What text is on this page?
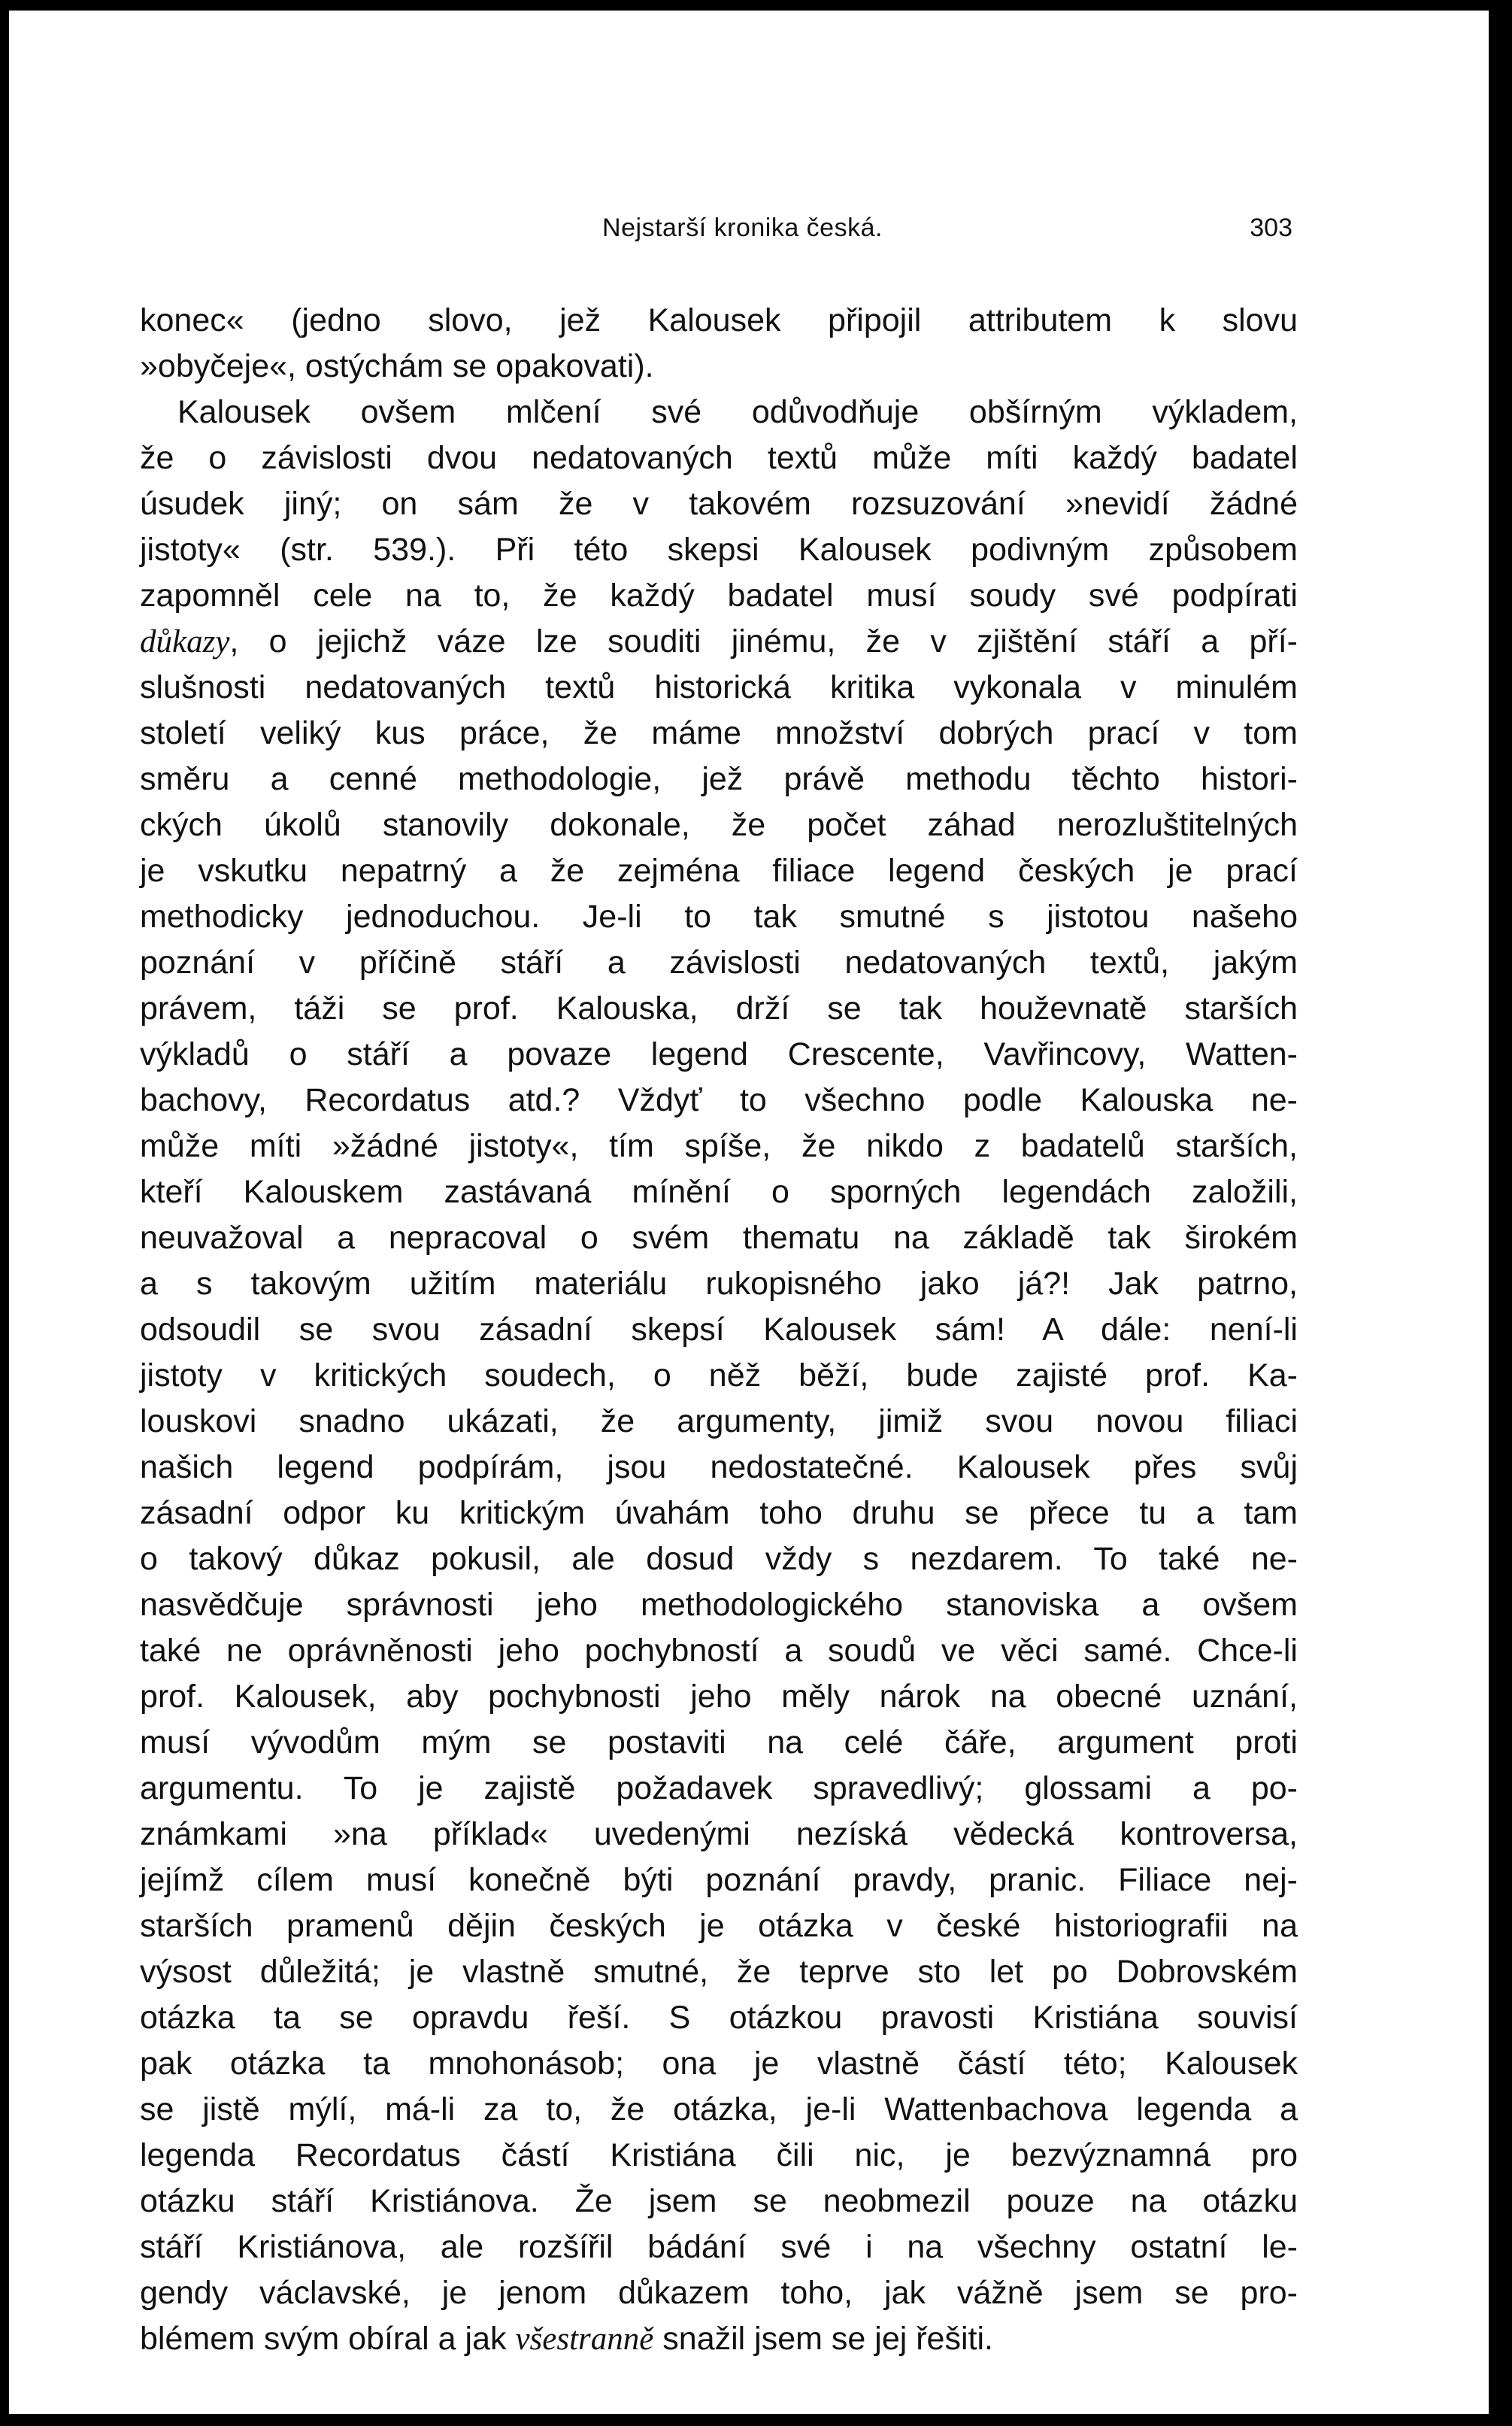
Nejstarší kronika česká.	303
konec« (jedno slovo, jež Kalousek připojil attributem k slovu
»obyčeje«, ostýchám se opakovati).
Kalousek ovšem mlčení své odůvodňuje obšírným výkladem,
že o závislosti dvou nedatovaných textů může míti každý badatel
úsudek jiný; on sám že v takovém rozsuzování »nevidí žádné
jistoty« (str. 539.). Při této skepsi Kalousek podivným způsobem
zapomněl cele na to, že každý badatel musí soudy své podpírati
důkazy, o jejichž váze lze souditi jinému, že v zjištění stáří a pří-
slušnosti nedatovaných textů historická kritika vykonala v minulém
století veliký kus práce, že máme množství dobrých prací v tom
směru a cenné methodologie, jež právě methodu těchto histori-
ckých úkolů stanovily dokonale, že počet záhad nerozluštitelných
je vskutku nepatrný a že zejména filiace legend českých je prací
methodicky jednoduchou. Je-li to tak smutné s jistotou našeho
poznání v příčině stáří a závislosti nedatovaných textů, jakým
právem, táži se prof. Kalouska, drží se tak houževnatě starších
výkladů o stáří a povaze legend Crescente, Vavřincovy, Watten-
bachovy, Recordatus atd.? Vždyť to všechno podle Kalouska ne-
může míti »žádné jistoty«, tím spíše, že nikdo z badatelů starších,
kteří Kalouskem zastávaná mínění o sporných legendách založili,
neuvažoval a nepracoval o svém thematu na základě tak širokém
a s takovým užitím materiálu rukopisného jako já?! Jak patrno,
odsoudil se svou zásadní skepsí Kalousek sám! A dále: není-li
jistoty v kritických soudech, o něž běží, bude zajisté prof. Ka-
louskovi snadno ukázati, že argumenty, jimiž svou novou filiaci
našich legend podpírám, jsou nedostatečné. Kalousek přes svůj
zásadní odpor ku kritickým úvahám toho druhu se přece tu a tam
o takový důkaz pokusil, ale dosud vždy s nezdarem. To také ne-
nasvědčuje správnosti jeho methodologického stanoviska a ovšem
také ne oprávněnosti jeho pochybností a soudů ve věci samé. Chce-li
prof. Kalousek, aby pochybnosti jeho měly nárok na obecné uznání,
musí vývodům mým se postaviti na celé čáře, argument proti
argumentu. To je zajistě požadavek spravedlivý; glossami a po-
známkami »na příklad« uvedenými nezíská vědecká kontroversa,
jejímž cílem musí konečně býti poznání pravdy, pranic. Filiace nej-
starších pramenů dějin českých je otázka v české historiografii na
výsost důležitá; je vlastně smutné, že teprve sto let po Dobrovském
otázka ta se opravdu řeší. S otázkou pravosti Kristiána souvisí
pak otázka ta mnohonásob; ona je vlastně částí této; Kalousek
se jistě mýlí, má-li za to, že otázka, je-li Wattenbachova legenda a
legenda Recordatus částí Kristiána čili nic, je bezvýznamná pro
otázku stáří Kristiánova. Že jsem se neobmezil pouze na otázku
stáří Kristiánova, ale rozšířil bádání své i na všechny ostatní le-
gendy václavské, je jenom důkazem toho, jak vážně jsem se pro-
blémem svým obíral a jak všestranně snažil jsem se jej řešiti.
